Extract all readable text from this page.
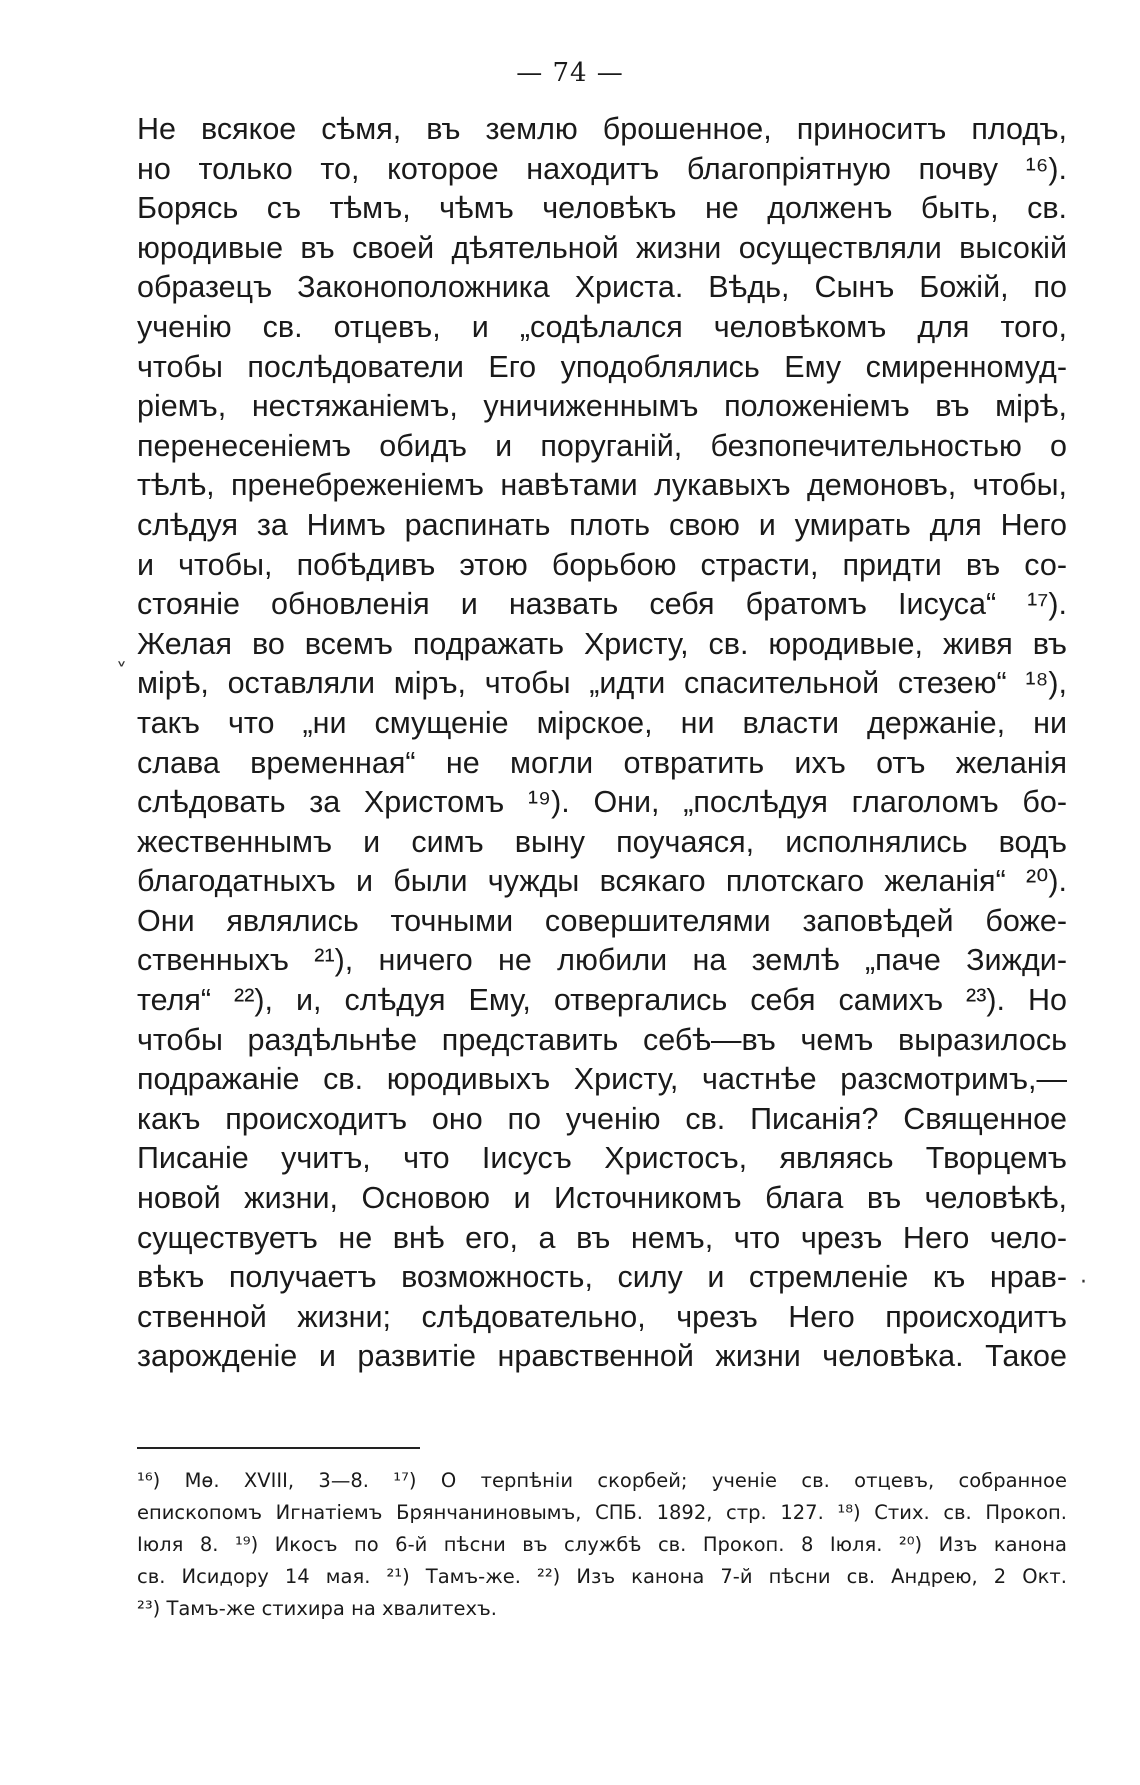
— 74 —
Не всякое сѣмя, въ землю брошенное, приноситъ плодъ,
но только то, которое находитъ благопріятную почву ¹⁶).
Борясь съ тѣмъ, чѣмъ человѣкъ не долженъ быть, св.
юродивые въ своей дѣятельной жизни осуществляли высокій
образецъ Законоположника Христа. Вѣдь, Сынъ Божій, по
ученію св. отцевъ, и „содѣлался человѣкомъ для того,
чтобы послѣдователи Его уподоблялись Ему смиренномуд-
ріемъ, нестяжаніемъ, уничиженнымъ положеніемъ въ мірѣ,
перенесеніемъ обидъ и поруганій, безпопечительностью о
тѣлѣ, пренебреженіемъ навѣтами лукавыхъ демоновъ, чтобы,
слѣдуя за Нимъ распинать плоть свою и умирать для Него
и чтобы, побѣдивъ этою борьбою страсти, придти въ со-
стояніе обновленія и назвать себя братомъ Іисуса“ ¹⁷).
Желая во всемъ подражать Христу, св. юродивые, живя въ
мірѣ, оставляли міръ, чтобы „идти спасительной стезею“ ¹⁸),
такъ что „ни смущеніе мірское, ни власти держаніе, ни
слава временная“ не могли отвратить ихъ отъ желанія
слѣдовать за Христомъ ¹⁹). Они, „послѣдуя глаголомъ бо-
жественнымъ и симъ выну поучаяся, исполнялись водъ
благодатныхъ и были чужды всякаго плотскаго желанія“ ²⁰).
Они являлись точными совершителями заповѣдей боже-
ственныхъ ²¹), ничего не любили на землѣ „паче Зижди-
теля“ ²²), и, слѣдуя Ему, отвергались себя самихъ ²³). Но
чтобы раздѣльнѣе представить себѣ—въ чемъ выразилось
подражаніе св. юродивыхъ Христу, частнѣе разсмотримъ,—
какъ происходитъ оно по ученію св. Писанія? Священное
Писаніе учитъ, что Іисусъ Христосъ, являясь Творцемъ
новой жизни, Основою и Источникомъ блага въ человѣкѣ,
существуетъ не внѣ его, а въ немъ, что чрезъ Него чело-
вѣкъ получаетъ возможность, силу и стремленіе къ нрав-
ственной жизни; слѣдовательно, чрезъ Него происходитъ
зарожденіе и развитіе нравственной жизни человѣка. Такое
˅
·
¹⁶) Мѳ. XVIII, 3—8. ¹⁷) О терпѣніи скорбей; ученіе св. отцевъ, собранное
епископомъ Игнатіемъ Брянчаниновымъ, СПБ. 1892, стр. 127. ¹⁸) Стих. св. Прокоп.
Іюля 8. ¹⁹) Икосъ по 6-й пѣсни въ службѣ св. Прокоп. 8 Іюля. ²⁰) Изъ канона
св. Исидору 14 мая. ²¹) Тамъ-же. ²²) Изъ канона 7-й пѣсни св. Андрею, 2 Окт.
²³) Тамъ-же стихира на хвалитехъ.
